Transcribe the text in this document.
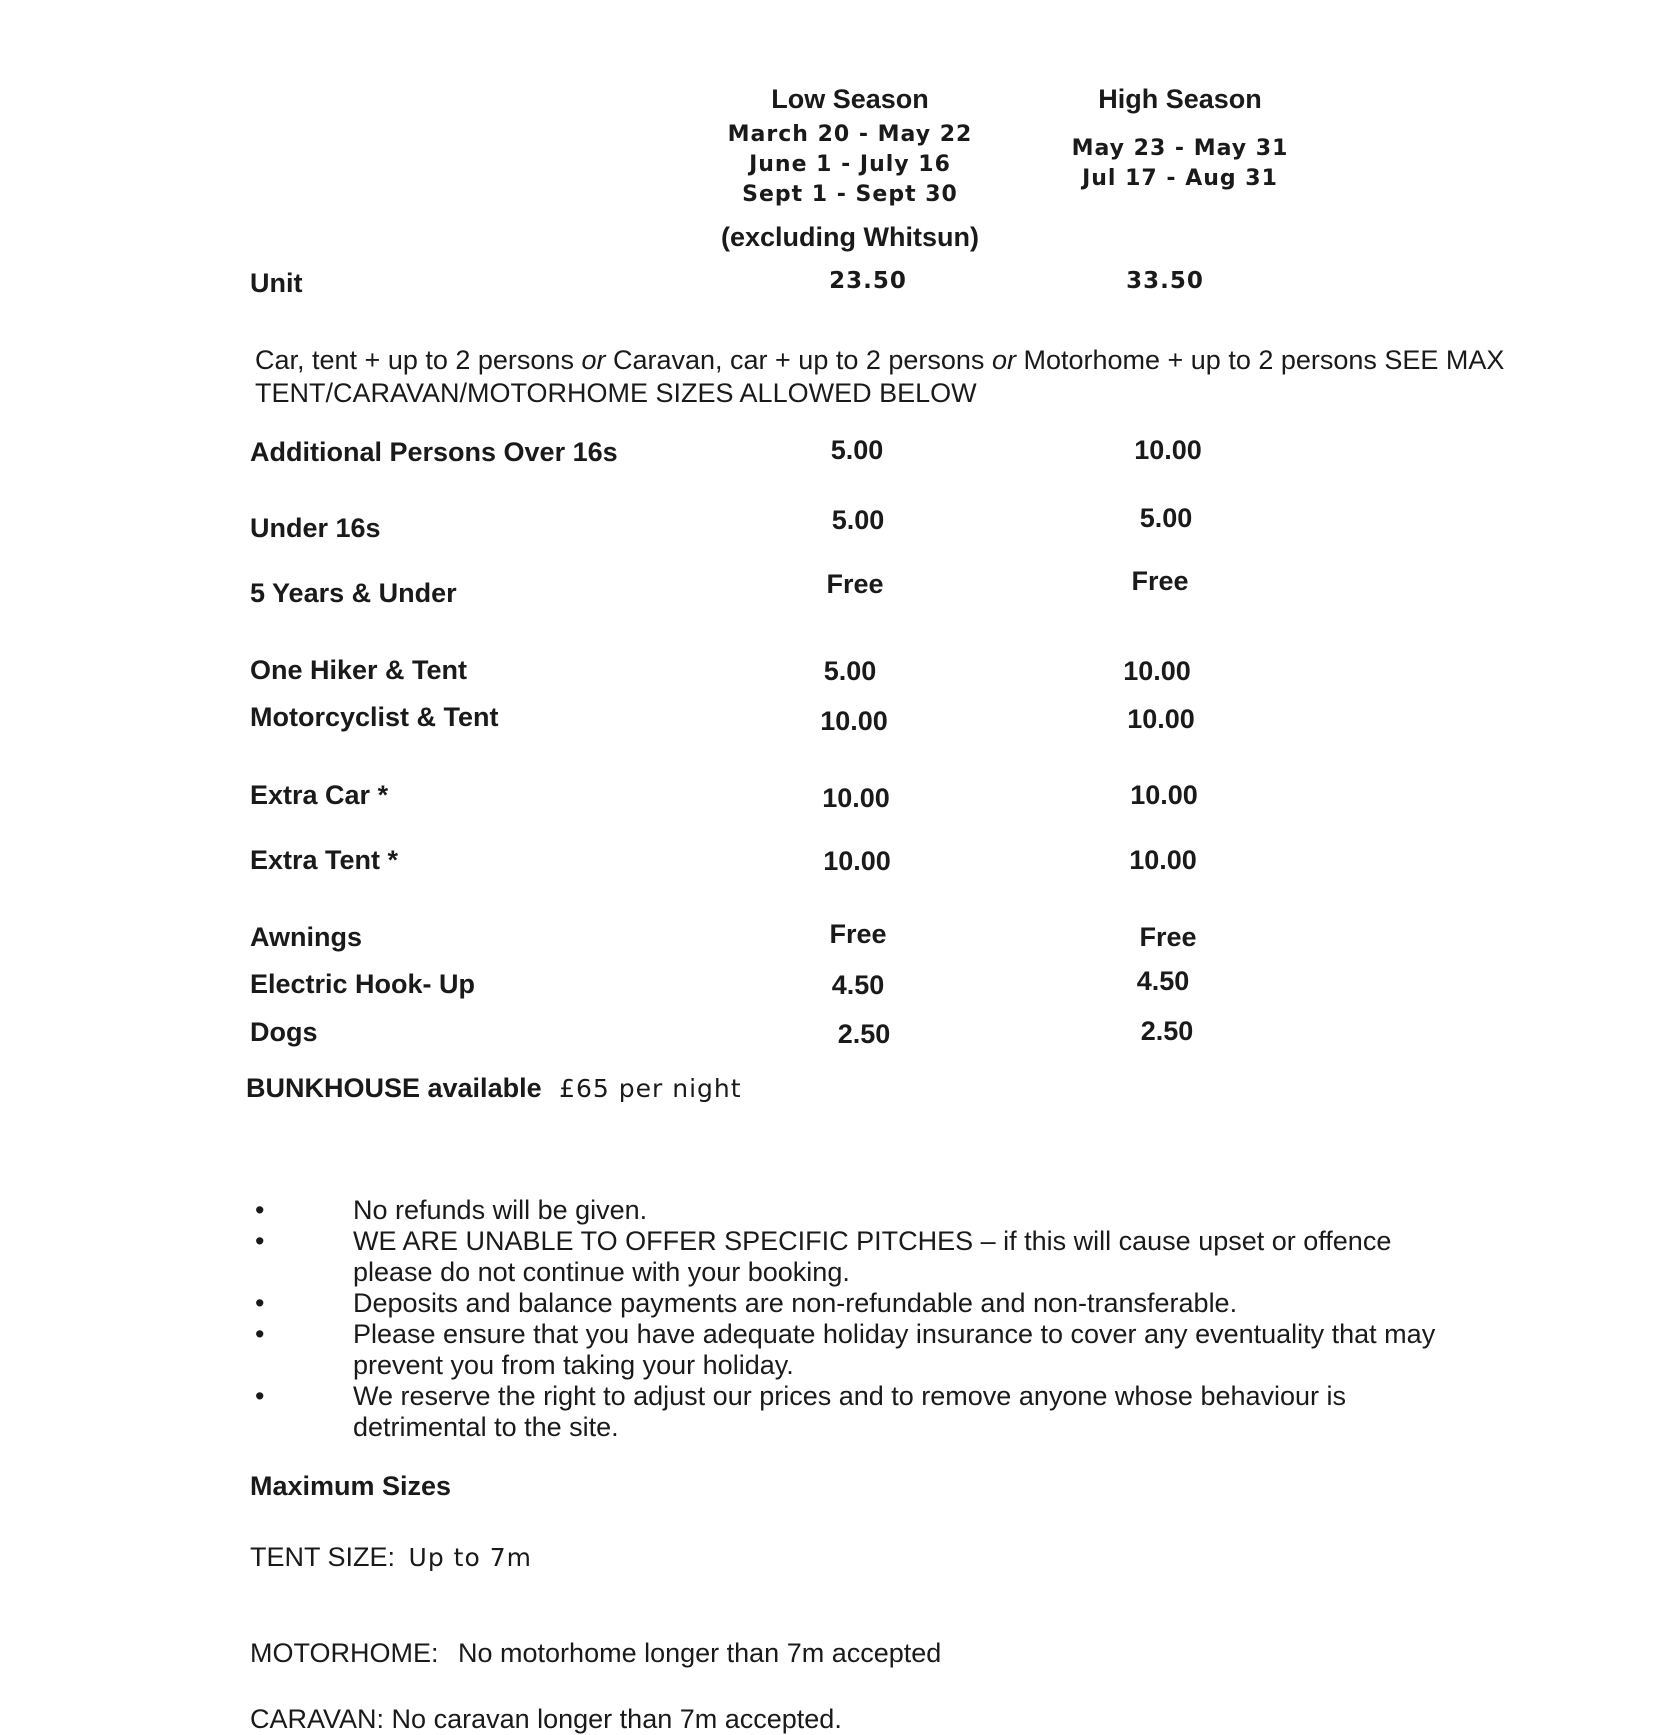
Low Season
March 20 - May 22
June 1 - July 16
Sept 1 - Sept 30
(excluding Whitsun)
High Season
May 23 - May 31
Jul 17 - Aug 31
Unit	23.50	33.50
Car, tent + up to 2 persons or Caravan, car + up to 2 persons or Motorhome + up to 2 persons SEE MAX TENT/CARAVAN/MOTORHOME SIZES ALLOWED BELOW
Additional Persons Over 16s	5.00	10.00
Under 16s	5.00	5.00
5 Years & Under	Free	Free
One Hiker & Tent	5.00	10.00
Motorcyclist & Tent	10.00	10.00
Extra Car *	10.00	10.00
Extra Tent *	10.00	10.00
Awnings	Free	Free
Electric Hook- Up	4.50	4.50
Dogs	2.50	2.50
BUNKHOUSE available £65 per night
•	No refunds will be given.
•	WE ARE UNABLE TO OFFER SPECIFIC PITCHES – if this will cause upset or offence please do not continue with your booking.
•	Deposits and balance payments are non-refundable and non-transferable.
•	Please ensure that you have adequate holiday insurance to cover any eventuality that may prevent you from taking your holiday.
•	We reserve the right to adjust our prices and to remove anyone whose behaviour is detrimental to the site.
Maximum Sizes
TENT SIZE: Up to 7m
MOTORHOME: No motorhome longer than 7m accepted
CARAVAN: No caravan longer than 7m accepted.
